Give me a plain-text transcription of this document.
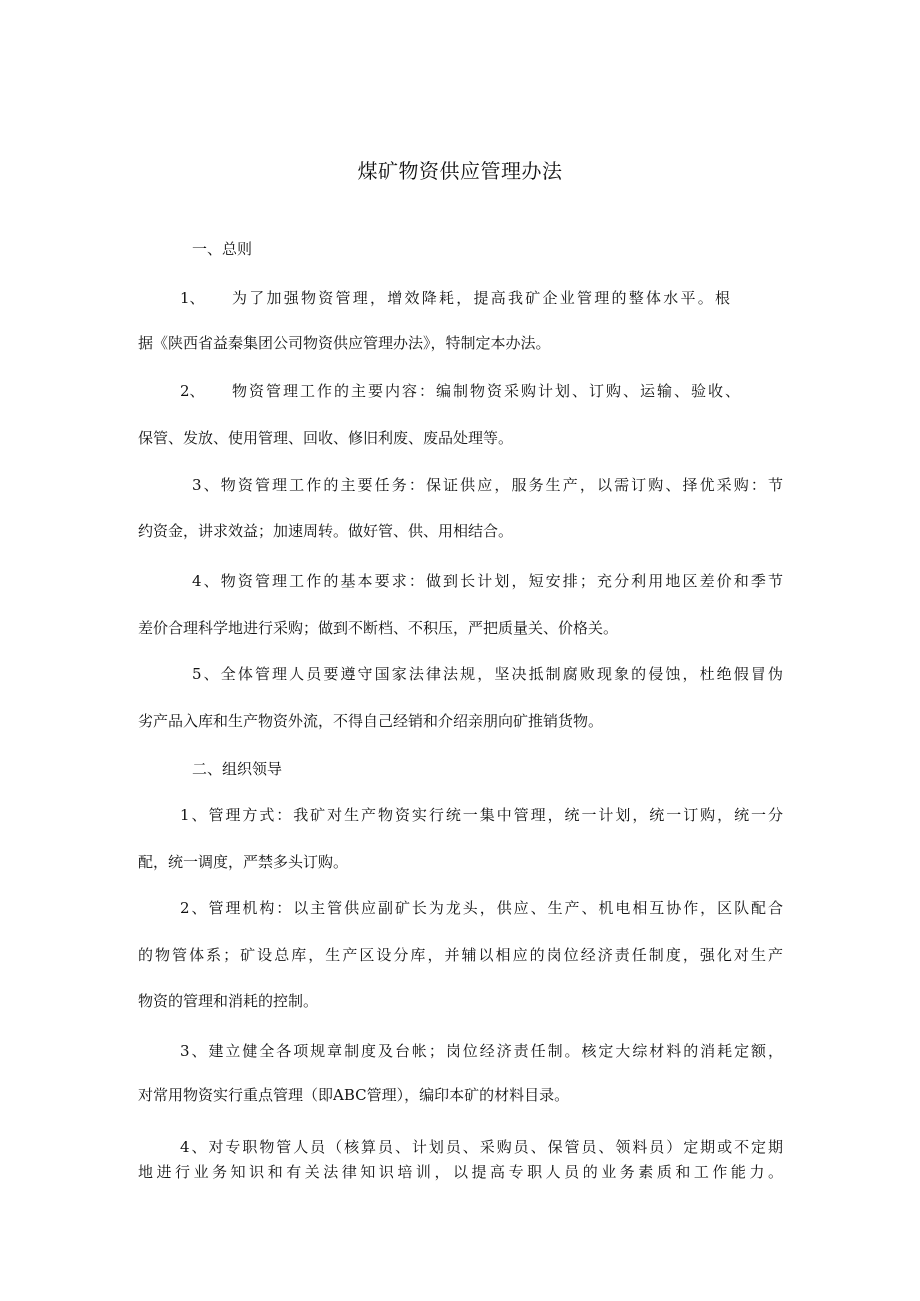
煤矿物资供应管理办法
一、总则
1、 为了加强物资管理，增效降耗，提高我矿企业管理的整体水平。根
据《陕西省益秦集团公司物资供应管理办法》，特制定本办法。
2、 物资管理工作的主要内容：编制物资采购计划、订购、运输、验收、
保管、发放、使用管理、回收、修旧利废、废品处理等。
3、物资管理工作的主要任务：保证供应，服务生产，以需订购、择优采购：节
约资金，讲求效益；加速周转。做好管、供、用相结合。
4、物资管理工作的基本要求：做到长计划，短安排；充分利用地区差价和季节
差价合理科学地进行采购；做到不断档、不积压，严把质量关、价格关。
5、全体管理人员要遵守国家法律法规，坚决抵制腐败现象的侵蚀，杜绝假冒伪
劣产品入库和生产物资外流，不得自己经销和介绍亲朋向矿推销货物。
二、组织领导
1、管理方式：我矿对生产物资实行统一集中管理，统一计划，统一订购，统一分
配，统一调度，严禁多头订购。
2、管理机构：以主管供应副矿长为龙头，供应、生产、机电相互协作，区队配合
的物管体系；矿设总库，生产区设分库，并辅以相应的岗位经济责任制度，强化对生产
物资的管理和消耗的控制。
3、建立健全各项规章制度及台帐；岗位经济责任制。核定大综材料的消耗定额，
对常用物资实行重点管理（即ABC管理），编印本矿的材料目录。
4、对专职物管人员（核算员、计划员、采购员、保管员、领料员）定期或不定期
地进行业务知识和有关法律知识培训，以提高专职人员的业务素质和工作能力。
